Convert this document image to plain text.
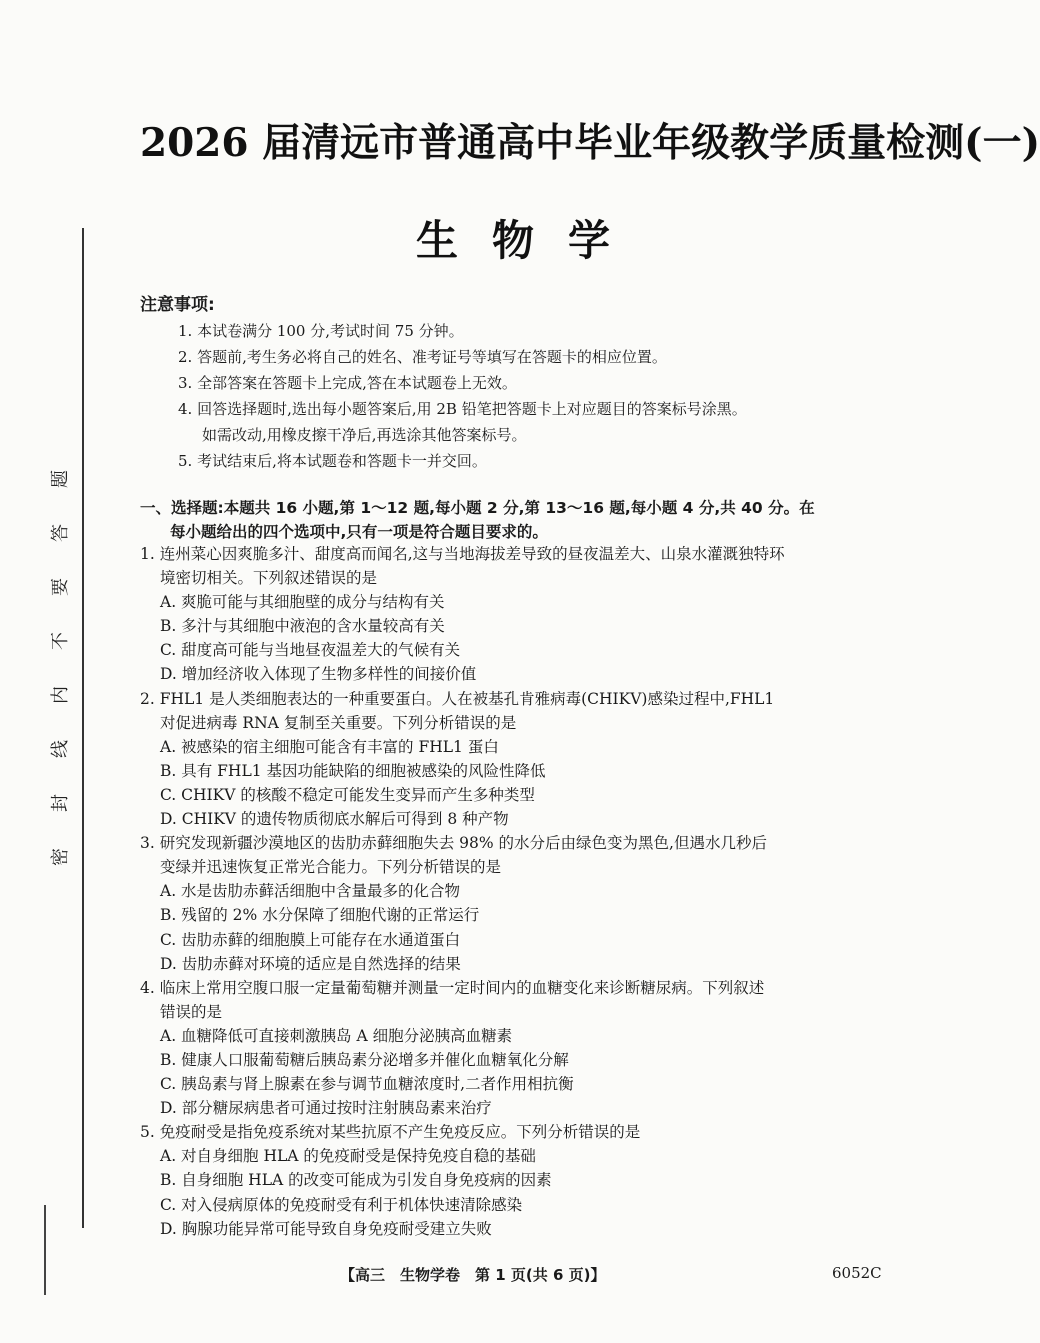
题
答
要
不
内
线
封
密
2026 届清远市普通高中毕业年级教学质量检测(一)
生物学
注意事项:
1. 本试卷满分 100 分,考试时间 75 分钟。
2. 答题前,考生务必将自己的姓名、准考证号等填写在答题卡的相应位置。
3. 全部答案在答题卡上完成,答在本试题卷上无效。
4. 回答选择题时,选出每小题答案后,用 2B 铅笔把答题卡上对应题目的答案标号涂黑。
如需改动,用橡皮擦干净后,再选涂其他答案标号。
5. 考试结束后,将本试题卷和答题卡一并交回。
一、选择题:本题共 16 小题,第 1～12 题,每小题 2 分,第 13～16 题,每小题 4 分,共 40 分。在
每小题给出的四个选项中,只有一项是符合题目要求的。
1. 连州菜心因爽脆多汁、甜度高而闻名,这与当地海拔差导致的昼夜温差大、山泉水灌溉独特环
境密切相关。下列叙述错误的是
A. 爽脆可能与其细胞壁的成分与结构有关
B. 多汁与其细胞中液泡的含水量较高有关
C. 甜度高可能与当地昼夜温差大的气候有关
D. 增加经济收入体现了生物多样性的间接价值
2. FHL1 是人类细胞表达的一种重要蛋白。人在被基孔肯雅病毒(CHIKV)感染过程中,FHL1
对促进病毒 RNA 复制至关重要。下列分析错误的是
A. 被感染的宿主细胞可能含有丰富的 FHL1 蛋白
B. 具有 FHL1 基因功能缺陷的细胞被感染的风险性降低
C. CHIKV 的核酸不稳定可能发生变异而产生多种类型
D. CHIKV 的遗传物质彻底水解后可得到 8 种产物
3. 研究发现新疆沙漠地区的齿肋赤藓细胞失去 98% 的水分后由绿色变为黑色,但遇水几秒后
变绿并迅速恢复正常光合能力。下列分析错误的是
A. 水是齿肋赤藓活细胞中含量最多的化合物
B. 残留的 2% 水分保障了细胞代谢的正常运行
C. 齿肋赤藓的细胞膜上可能存在水通道蛋白
D. 齿肋赤藓对环境的适应是自然选择的结果
4. 临床上常用空腹口服一定量葡萄糖并测量一定时间内的血糖变化来诊断糖尿病。下列叙述
错误的是
A. 血糖降低可直接刺激胰岛 A 细胞分泌胰高血糖素
B. 健康人口服葡萄糖后胰岛素分泌增多并催化血糖氧化分解
C. 胰岛素与肾上腺素在参与调节血糖浓度时,二者作用相抗衡
D. 部分糖尿病患者可通过按时注射胰岛素来治疗
5. 免疫耐受是指免疫系统对某些抗原不产生免疫反应。下列分析错误的是
A. 对自身细胞 HLA 的免疫耐受是保持免疫自稳的基础
B. 自身细胞 HLA 的改变可能成为引发自身免疫病的因素
C. 对入侵病原体的免疫耐受有利于机体快速清除感染
D. 胸腺功能异常可能导致自身免疫耐受建立失败
【高三　生物学卷　第 1 页(共 6 页)】	6052C
